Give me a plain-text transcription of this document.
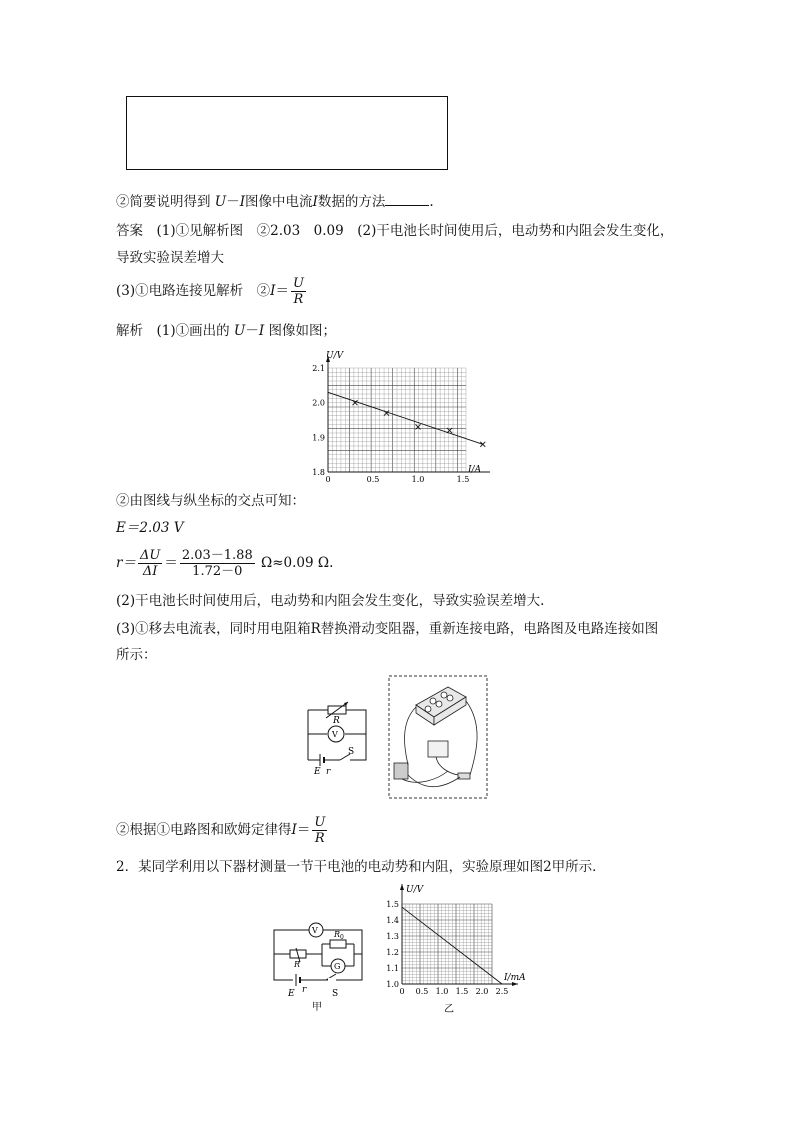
②简要说明得到 U－I图像中电流I数据的方法	.
答案　(1)①见解析图　②2.03　0.09　(2)干电池长时间使用后，电动势和内阻会发生变化，
导致实验误差增大
(3)①电路连接见解析　②I＝ $\frac{U}{R}$
解析　(1)①画出的 U－I 图像如图；
0	0.5	1.0	1.5
1.8
1.9
2.0
2.1
U/V
I/A
②由图线与纵坐标的交点可知：
E＝2.03 V
$r= \frac{\Delta U}{\Delta I} = \frac{2.03-1.88}{1.72-0} \Omega\approx 0.09$ Ω.
(2)干电池长时间使用后，电动势和内阻会发生变化，导致实验误差增大.
(3)①移去电流表，同时用电阻箱R替换滑动变阻器，重新连接电路，电路图及电路连接如图
所示：
R
V
E r
S
②根据①电路图和欧姆定律得$I= \frac{U}{R}$
2．某同学利用以下器材测量一节干电池的电动势和内阻，实验原理如图2甲所示．
V R 0
R	G
E r	S
甲
0 0.5 1.0 1.5 2.0 2.5
1.0
1.1
1.2
1.3
1.4
1.5
U/V
I/mA
乙
